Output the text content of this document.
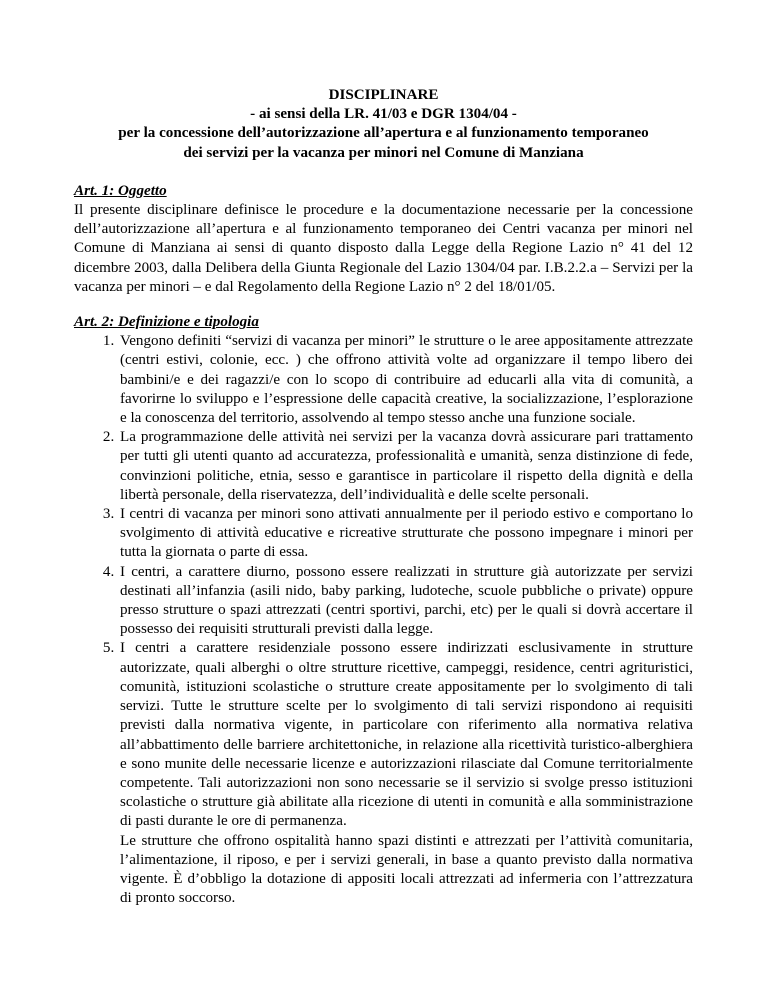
DISCIPLINARE
- ai sensi della LR. 41/03 e DGR 1304/04 -
per la concessione dell’autorizzazione all’apertura e al funzionamento temporaneo
dei servizi per la vacanza per minori nel Comune di Manziana
Art. 1: Oggetto
Il presente disciplinare definisce le procedure e la documentazione necessarie per la concessione dell’autorizzazione all’apertura e al funzionamento temporaneo dei Centri vacanza per minori nel Comune di Manziana ai sensi di quanto disposto dalla Legge della Regione Lazio n° 41 del 12 dicembre 2003, dalla Delibera della Giunta Regionale del Lazio 1304/04 par. I.B.2.2.a – Servizi per la vacanza per minori – e dal Regolamento della Regione Lazio n° 2 del 18/01/05.
Art. 2: Definizione e tipologia
1. Vengono definiti “servizi di vacanza per minori” le strutture o le aree appositamente attrezzate (centri estivi, colonie, ecc. ) che offrono attività volte ad organizzare il tempo libero dei bambini/e e dei ragazzi/e con lo scopo di contribuire ad educarli alla vita di comunità, a favorirne lo sviluppo e l’espressione delle capacità creative, la socializzazione, l’esplorazione e la conoscenza del territorio, assolvendo al tempo stesso anche una funzione sociale.
2. La programmazione delle attività nei servizi per la vacanza dovrà assicurare pari trattamento per tutti gli utenti quanto ad accuratezza, professionalità e umanità, senza distinzione di fede, convinzioni politiche, etnia, sesso e garantisce in particolare il rispetto della dignità e della libertà personale, della riservatezza, dell’individualità e delle scelte personali.
3. I centri di vacanza per minori sono attivati annualmente per il periodo estivo e comportano lo svolgimento di attività educative e ricreative strutturate che possono impegnare i minori per tutta la giornata o parte di essa.
4. I centri, a carattere diurno, possono essere realizzati in strutture già autorizzate per servizi destinati all’infanzia (asili nido, baby parking, ludoteche, scuole pubbliche o private) oppure presso strutture o spazi attrezzati (centri sportivi, parchi, etc) per le quali si dovrà accertare il possesso dei requisiti strutturali previsti dalla legge.
5. I centri a carattere residenziale possono essere indirizzati esclusivamente in strutture autorizzate, quali alberghi o oltre strutture ricettive, campeggi, residence, centri agrituristici, comunità, istituzioni scolastiche o strutture create appositamente per lo svolgimento di tali servizi. Tutte le strutture scelte per lo svolgimento di tali servizi rispondono ai requisiti previsti dalla normativa vigente, in particolare con riferimento alla normativa relativa all’abbattimento delle barriere architettoniche, in relazione alla ricettività turistico-alberghiera e sono munite delle necessarie licenze e autorizzazioni rilasciate dal Comune territorialmente competente. Tali autorizzazioni non sono necessarie se il servizio si svolge presso istituzioni scolastiche o strutture già abilitate alla ricezione di utenti in comunità e alla somministrazione di pasti durante le ore di permanenza.
Le strutture che offrono ospitalità hanno spazi distinti e attrezzati per l’attività comunitaria, l’alimentazione, il riposo, e per i servizi generali, in base a quanto previsto dalla normativa vigente. È d’obbligo la dotazione di appositi locali attrezzati ad infermeria con l’attrezzatura di pronto soccorso.
